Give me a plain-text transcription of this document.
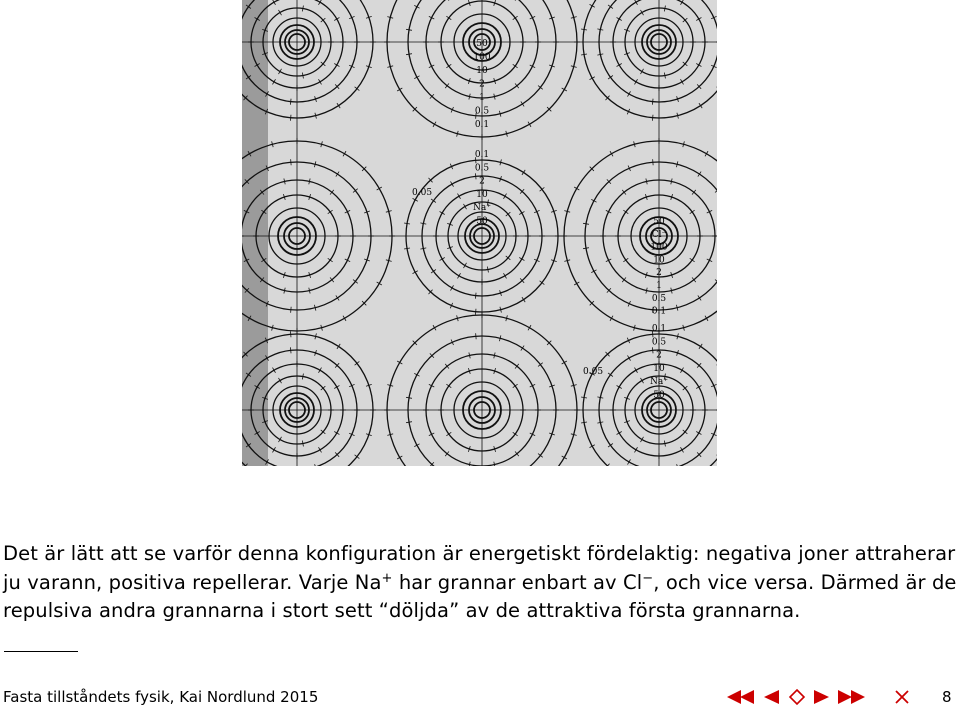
50
100
10
2
1
0.5
0.1
0.1
0.5
2
10
Na⁺
50	50
Cl⁻
100
10
2
1
0.5
0.1
0.1
0.5
2
10
Na⁺
50
0.05
0.05
Det är lätt att se varför denna konfiguration är energetiskt fördelaktig: negativa joner attraherar ju varann, positiva repellerar. Varje Na+ har grannar enbart av Cl−, och vice versa. Därmed är de repulsiva andra grannarna i stort sett “döljda” av de attraktiva första grannarna.
Fasta tillståndets fysik, Kai Nordlund 2015	8
